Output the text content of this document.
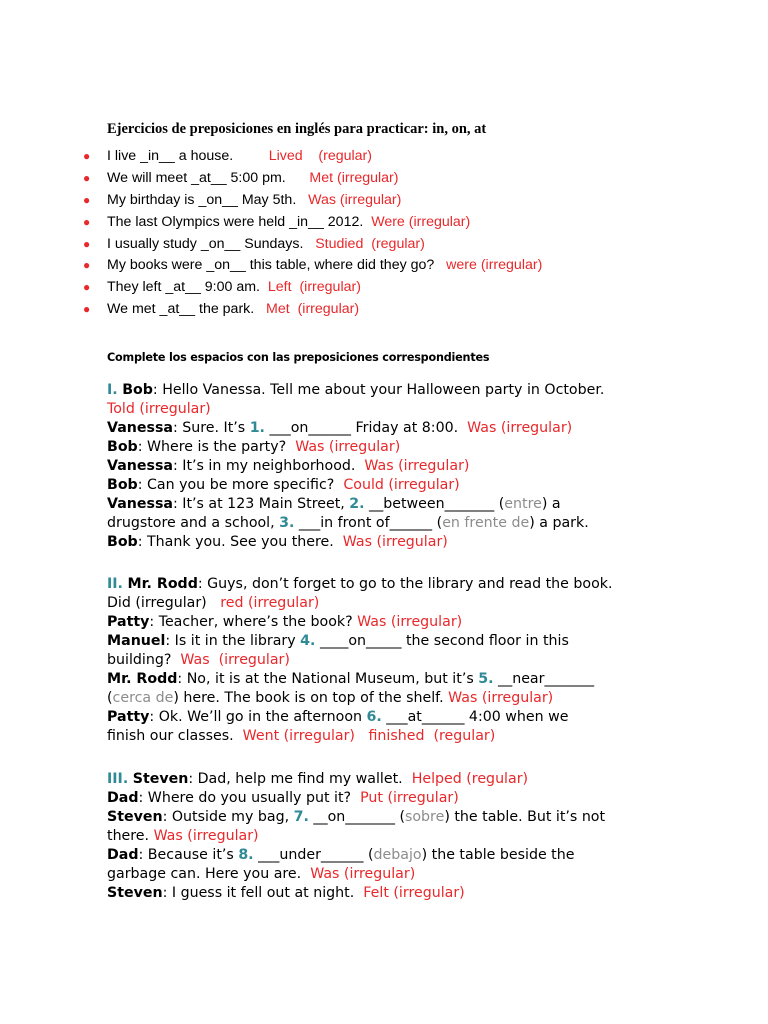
Ejercicios de preposiciones en inglés para practicar: in, on, at
● I live _in__ a house. Lived    (regular)
● We will meet _at__ 5:00 pm. Met (irregular)
● My birthday is _on__ May 5th. Was (irregular)
● The last Olympics were held _in__ 2012. Were (irregular)
● I usually study _on__ Sundays. Studied  (regular)
● My books were _on__ this table, where did they go? were (irregular)
● They left _at__ 9:00 am. Left  (irregular)
● We met _at__ the park. Met  (irregular)
Complete los espacios con las preposiciones correspondientes
I. Bob: Hello Vanessa. Tell me about your Halloween party in October.
Told (irregular)
Vanessa: Sure. It’s 1. ___on______ Friday at 8:00.  Was (irregular)
Bob: Where is the party?  Was (irregular)
Vanessa: It’s in my neighborhood.  Was (irregular)
Bob: Can you be more specific?  Could (irregular)
Vanessa: It’s at 123 Main Street, 2. __between_______ (entre) a
drugstore and a school, 3. ___in front of______ (en frente de) a park.
Bob: Thank you. See you there.  Was (irregular)
II. Mr. Rodd: Guys, don’t forget to go to the library and read the book.
Did (irregular)   red (irregular)
Patty: Teacher, where’s the book? Was (irregular)
Manuel: Is it in the library 4. ____on_____ the second floor in this
building?  Was  (irregular)
Mr. Rodd: No, it is at the National Museum, but it’s 5. __near_______
(cerca de) here. The book is on top of the shelf. Was (irregular)
Patty: Ok. We’ll go in the afternoon 6. ___at______ 4:00 when we
finish our classes.  Went (irregular)   finished  (regular)
III. Steven: Dad, help me find my wallet.  Helped (regular)
Dad: Where do you usually put it?  Put (irregular)
Steven: Outside my bag, 7. __on_______ (sobre) the table. But it’s not
there. Was (irregular)
Dad: Because it’s 8. ___under______ (debajo) the table beside the
garbage can. Here you are.  Was (irregular)
Steven: I guess it fell out at night.  Felt (irregular)
